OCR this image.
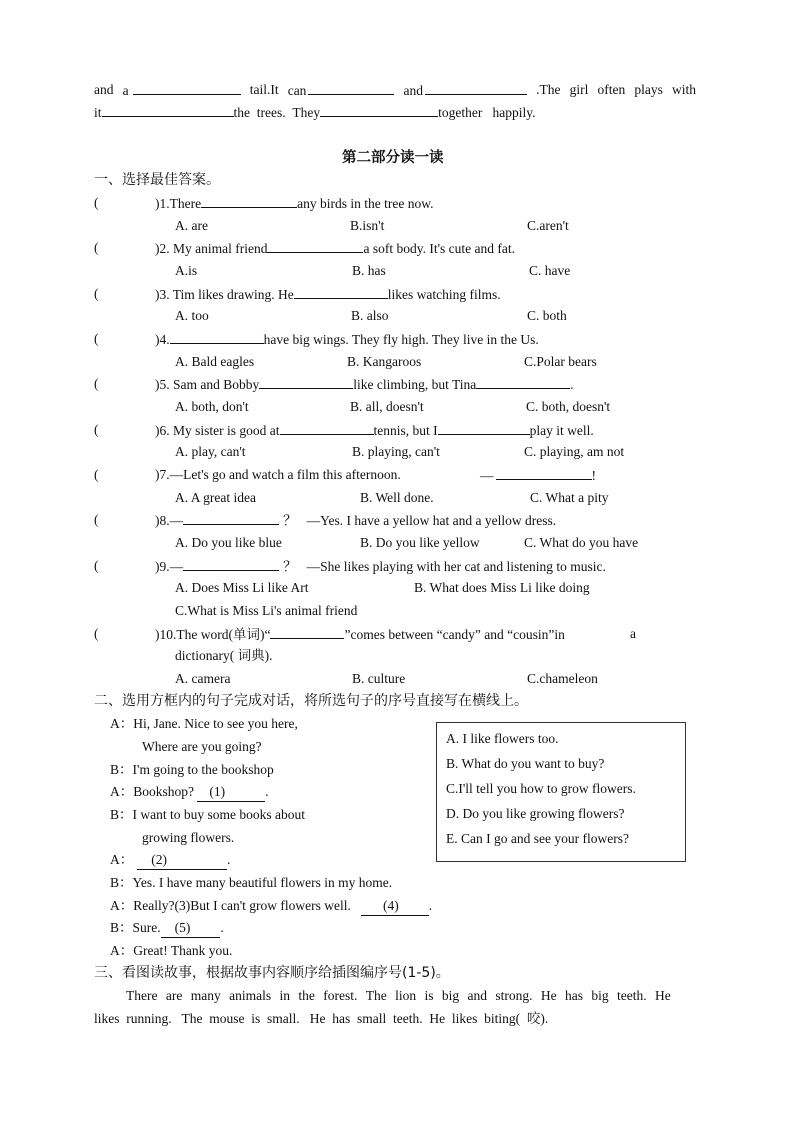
and a	tail.It can	and	.The girl often plays with
it	the trees. They	together happily.
第二部分读一读
一、选择最佳答案。
(	)1.There	any birds in the tree now.
A. are	B.isn't	C.aren't
(	)2. My animal friend	a soft body. It's cute and fat.
A.is	B. has	C. have
(	)3. Tim likes drawing. He	likes watching films.
A. too	B. also	C. both
(	)4.	have big wings. They fly high. They live in the Us.
A. Bald eagles	B. Kangaroos	C.Polar bears
(	)5. Sam and Bobby	like climbing, but Tina	.
A. both, don't	B. all, doesn't	C. both, doesn't
(	)6. My sister is good at	tennis, but I	play it well.
A. play, can't	B. playing, can't	C. playing, am not
(	)7.—Let's go and watch a film this afternoon.	—	!
A. A great idea	B. Well done.	C. What a pity
(	)8.—	？ —Yes. I have a yellow hat and a yellow dress.
A. Do you like blue	B. Do you like yellow	C. What do you have
(	)9.—	？ —She likes playing with her cat and listening to music.
A. Does Miss Li like Art	B. What does Miss Li like doing
C.What is Miss Li's animal friend
(	)10.The word(单词)“	”comes between “candy” and “cousin”in	a
dictionary( 词典).
A. camera	B. culture	C.chameleon
二、选用方框内的句子完成对话，将所选句子的序号直接写在横线上。
A：Hi, Jane. Nice to see you here,
Where are you going?
B：I'm going to the bookshop
A：Bookshop? (1)	.
B：I want to buy some books about
growing flowers.
A： (2)	.
B：Yes. I have many beautiful flowers in my home.
A：Really?(3)But I can't grow flowers well. (4) .
B：Sure. (5) .
A：Great! Thank you.
A. I like flowers too.
B. What do you want to buy?
C.I'll tell you how to grow flowers.
D. Do you like growing flowers?
E. Can I go and see your flowers?
三、看图读故事，根据故事内容顺序给插图编序号(1-5)。
There are many animals in the forest. The lion is big and strong. He has big teeth. He
likes  running.   The  mouse  is  small.   He  has  small  teeth.  He  likes  biting(  咬).
